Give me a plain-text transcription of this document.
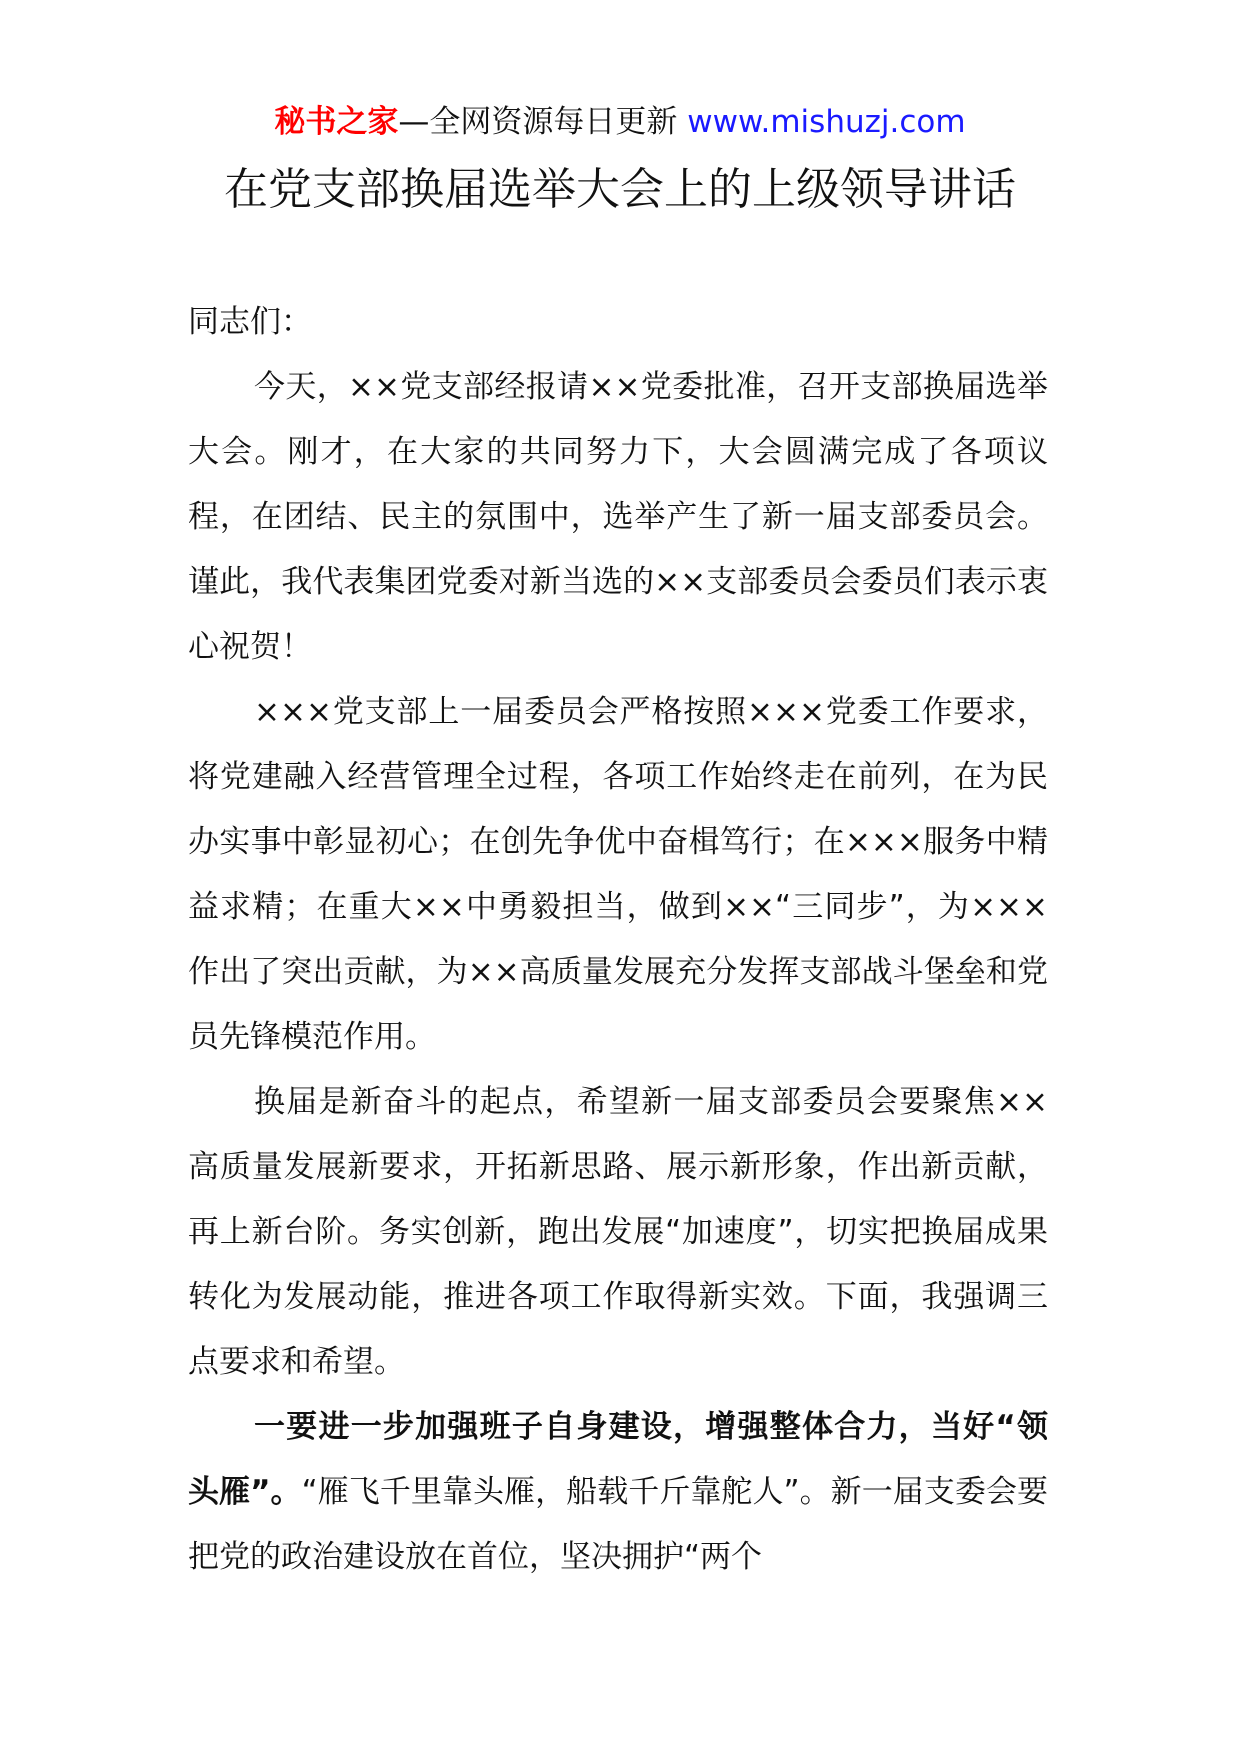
秘书之家—全网资源每日更新 www.mishuzj.com
在党支部换届选举大会上的上级领导讲话

同志们：

今天，××党支部经报请××党委批准，召开支部换届选举大会。刚才，在大家的共同努力下，大会圆满完成了各项议程，在团结、民主的氛围中，选举产生了新一届支部委员会。谨此，我代表集团党委对新当选的××支部委员会委员们表示衷心祝贺！

×××党支部上一届委员会严格按照×××党委工作要求，将党建融入经营管理全过程，各项工作始终走在前列，在为民办实事中彰显初心；在创先争优中奋楫笃行；在×××服务中精益求精；在重大××中勇毅担当，做到××“三同步”，为×××作出了突出贡献，为××高质量发展充分发挥支部战斗堡垒和党员先锋模范作用。

换届是新奋斗的起点，希望新一届支部委员会要聚焦××高质量发展新要求，开拓新思路、展示新形象，作出新贡献，再上新台阶。务实创新，跑出发展“加速度”，切实把换届成果转化为发展动能，推进各项工作取得新实效。下面，我强调三点要求和希望。

一要进一步加强班子自身建设，增强整体合力，当好“领头雁”。“雁飞千里靠头雁，船载千斤靠舵人”。新一届支委会要把党的政治建设放在首位，坚决拥护“两个
